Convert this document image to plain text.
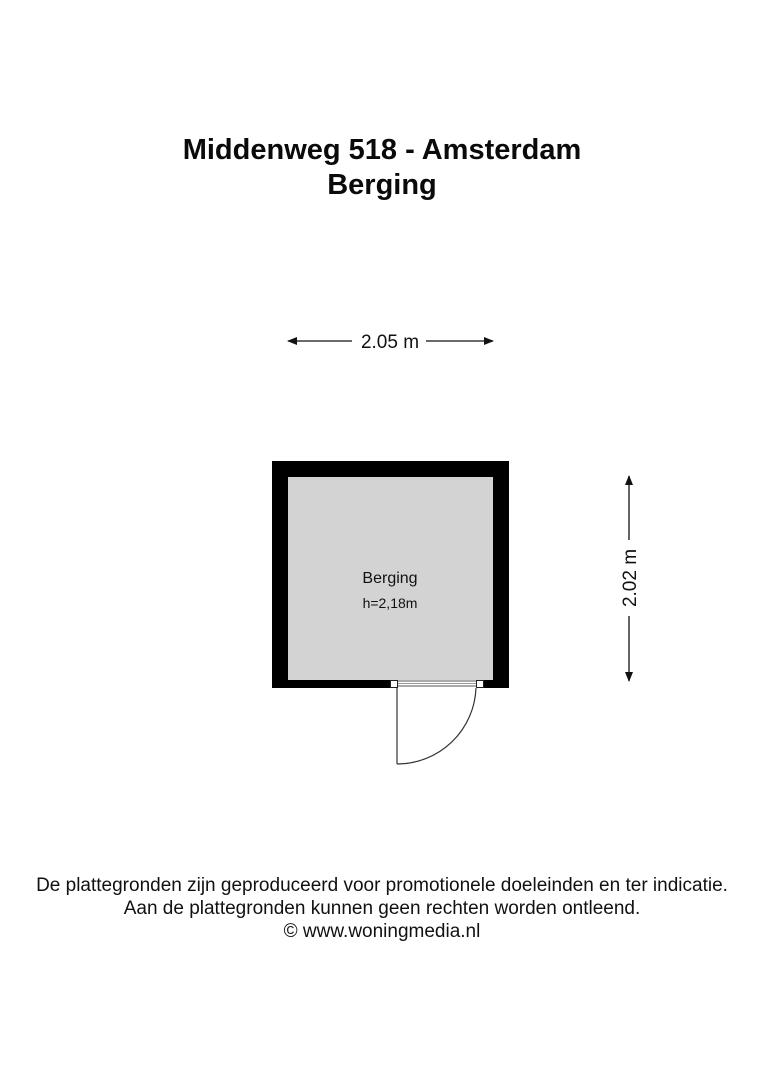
Middenweg 518 - Amsterdam
Berging
2.05 m
2.02 m
Berging
h=2,18m
De plattegronden zijn geproduceerd voor promotionele doeleinden en ter indicatie.
Aan de plattegronden kunnen geen rechten worden ontleend.
© www.woningmedia.nl
